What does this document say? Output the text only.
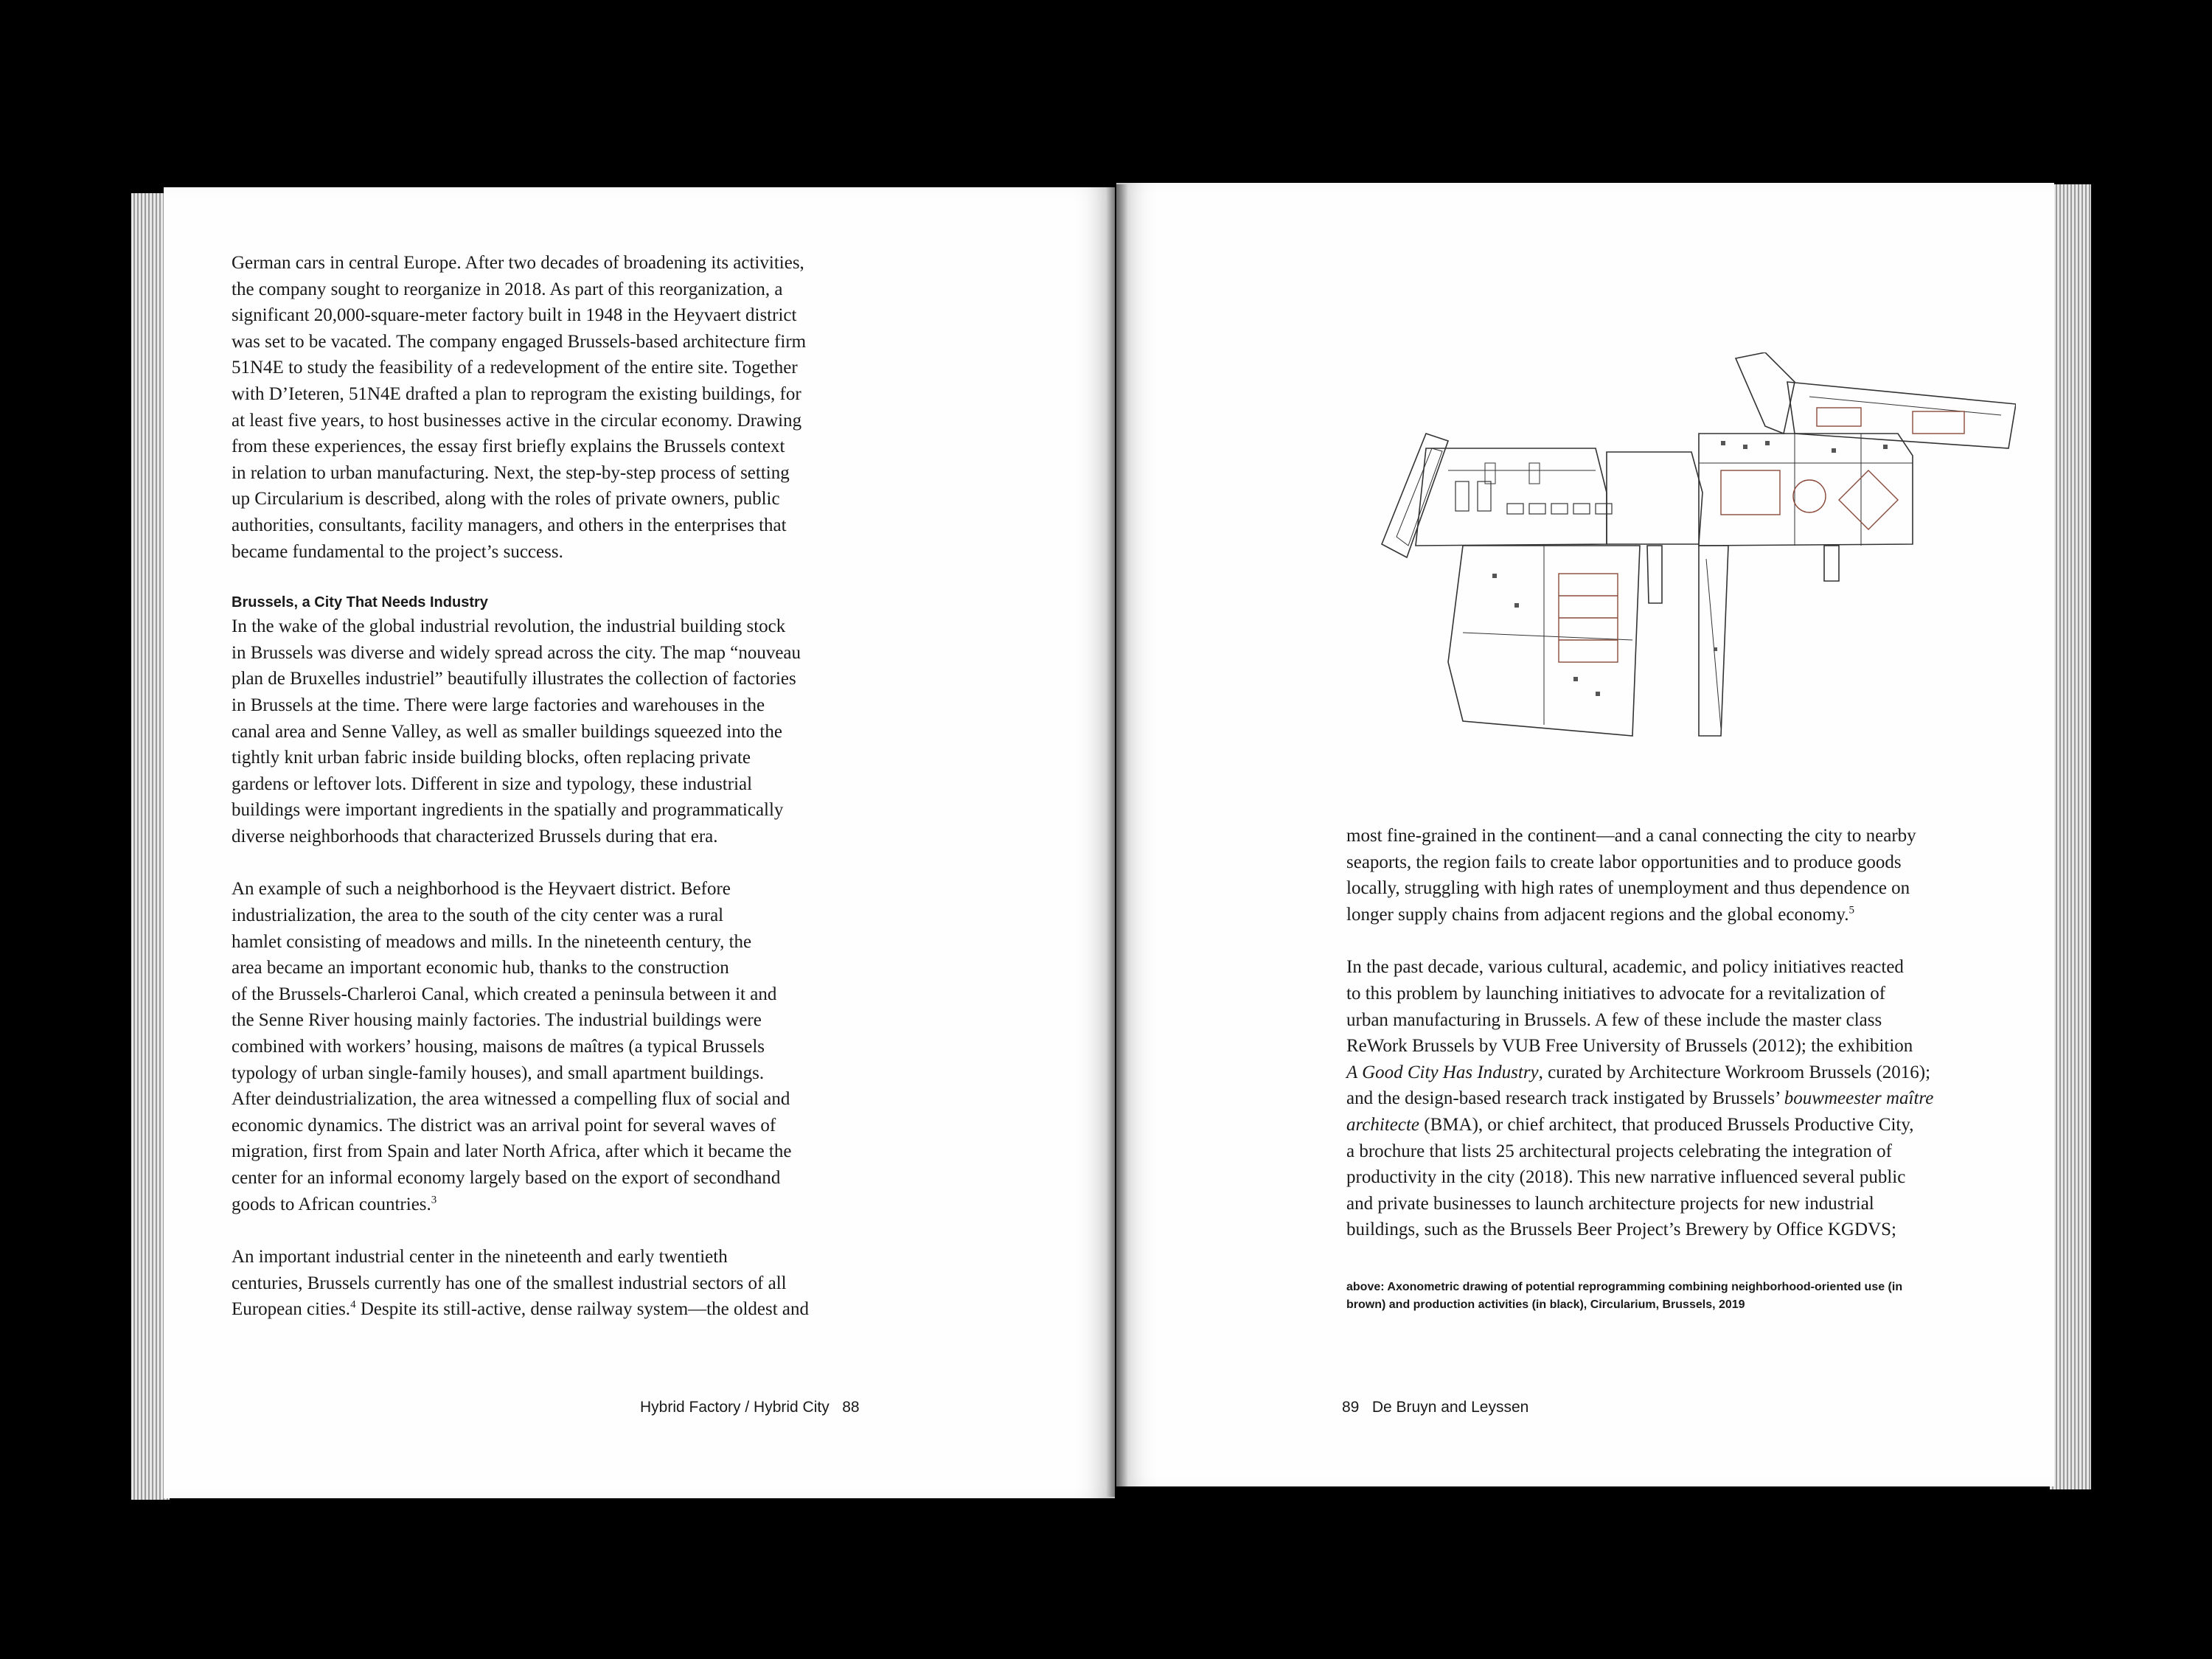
German cars in central Europe. After two decades of broadening its activities,
the company sought to reorganize in 2018. As part of this reorganization, a
significant 20,000-square-meter factory built in 1948 in the Heyvaert district
was set to be vacated. The company engaged Brussels-based architecture firm
51N4E to study the feasibility of a redevelopment of the entire site. Together
with D’Ieteren, 51N4E drafted a plan to reprogram the existing buildings, for
at least five years, to host businesses active in the circular economy. Drawing
from these experiences, the essay first briefly explains the Brussels context
in relation to urban manufacturing. Next, the step-by-step process of setting
up Circularium is described, along with the roles of private owners, public
authorities, consultants, facility managers, and others in the enterprises that
became fundamental to the project’s success.

Brussels, a City That Needs Industry

In the wake of the global industrial revolution, the industrial building stock
in Brussels was diverse and widely spread across the city. The map “nouveau
plan de Bruxelles industriel” beautifully illustrates the collection of factories
in Brussels at the time. There were large factories and warehouses in the
canal area and Senne Valley, as well as smaller buildings squeezed into the
tightly knit urban fabric inside building blocks, often replacing private
gardens or leftover lots. Different in size and typology, these industrial
buildings were important ingredients in the spatially and programmatically
diverse neighborhoods that characterized Brussels during that era.

An example of such a neighborhood is the Heyvaert district. Before
industrialization, the area to the south of the city center was a rural
hamlet consisting of meadows and mills. In the nineteenth century, the
area became an important economic hub, thanks to the construction
of the Brussels-Charleroi Canal, which created a peninsula between it and
the Senne River housing mainly factories. The industrial buildings were
combined with workers’ housing, maisons de maîtres (a typical Brussels
typology of urban single-family houses), and small apartment buildings.
After deindustrialization, the area witnessed a compelling flux of social and
economic dynamics. The district was an arrival point for several waves of
migration, first from Spain and later North Africa, after which it became the
center for an informal economy largely based on the export of secondhand
goods to African countries.$^3$

An important industrial center in the nineteenth and early twentieth
centuries, Brussels currently has one of the smallest industrial sectors of all
European cities.$^4$ Despite its still-active, dense railway system—the oldest and

Hybrid Factory / Hybrid City 88

most fine-grained in the continent—and a canal connecting the city to nearby
seaports, the region fails to create labor opportunities and to produce goods
locally, struggling with high rates of unemployment and thus dependence on
longer supply chains from adjacent regions and the global economy.$^5$

In the past decade, various cultural, academic, and policy initiatives reacted
to this problem by launching initiatives to advocate for a revitalization of
urban manufacturing in Brussels. A few of these include the master class
ReWork Brussels by VUB Free University of Brussels (2012); the exhibition
A Good City Has Industry, curated by Architecture Workroom Brussels (2016);
and the design-based research track instigated by Brussels’ bouwmeester maître
architecte (BMA), or chief architect, that produced Brussels Productive City,
a brochure that lists 25 architectural projects celebrating the integration of
productivity in the city (2018). This new narrative influenced several public
and private businesses to launch architecture projects for new industrial
buildings, such as the Brussels Beer Project’s Brewery by Office KGDVS;

above: Axonometric drawing of potential reprogramming combining neighborhood-oriented use (in
brown) and production activities (in black), Circularium, Brussels, 2019
89 De Bruyn and Leyssen
